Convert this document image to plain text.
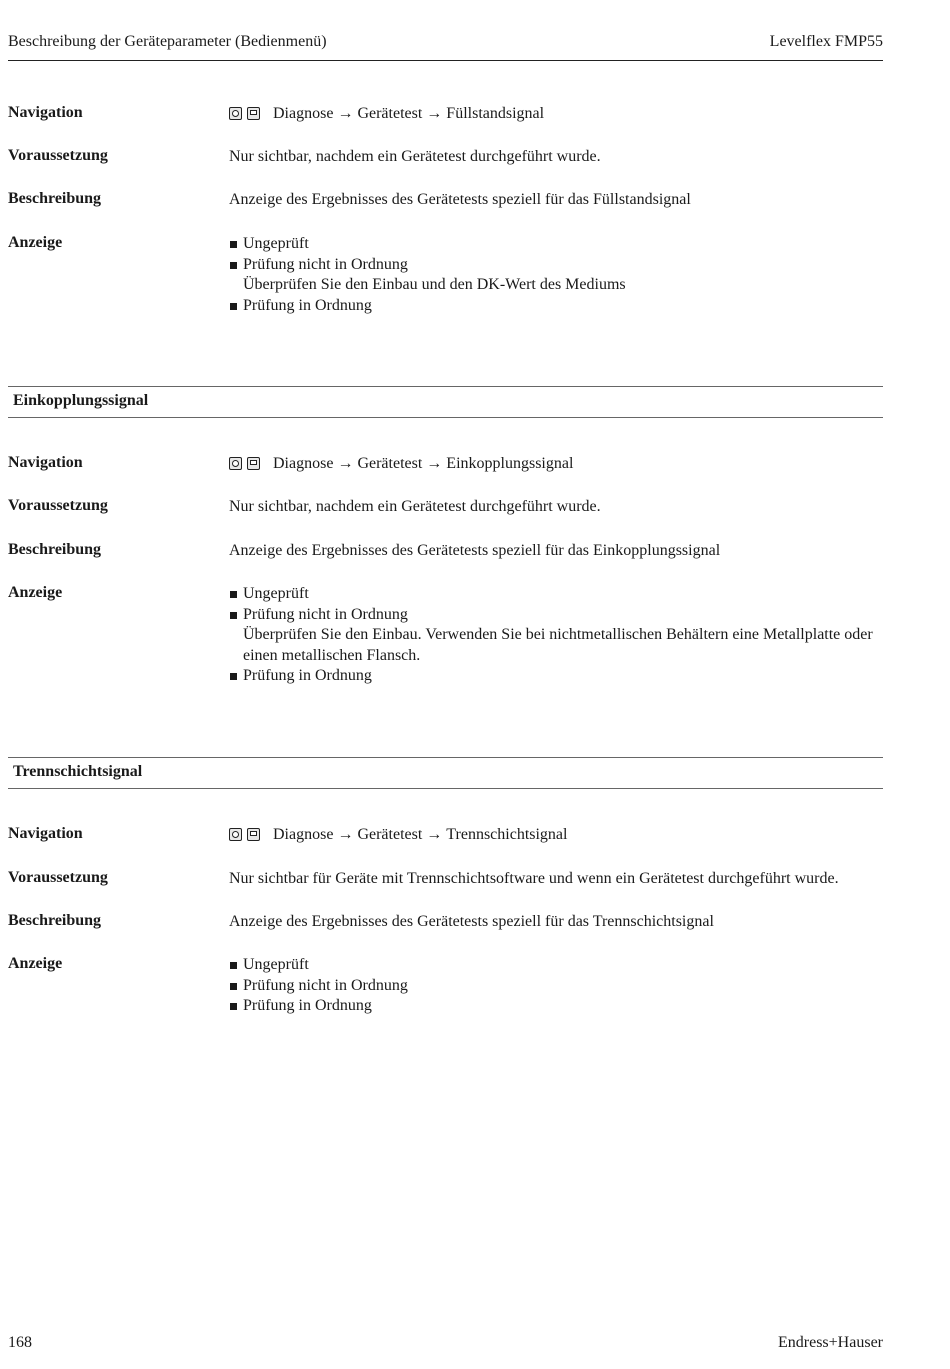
Beschreibung der Geräteparameter (Bedienmenü)	Levelflex FMP55
Navigation	Diagnose → Gerätetest → Füllstandsignal
Voraussetzung	Nur sichtbar, nachdem ein Gerätetest durchgeführt wurde.
Beschreibung	Anzeige des Ergebnisses des Gerätetests speziell für das Füllstandsignal
Anzeige	Ungeprüft
Prüfung nicht in Ordnung
Überprüfen Sie den Einbau und den DK-Wert des Mediums
Prüfung in Ordnung
Einkopplungssignal
Navigation	Diagnose → Gerätetest → Einkopplungssignal
Voraussetzung	Nur sichtbar, nachdem ein Gerätetest durchgeführt wurde.
Beschreibung	Anzeige des Ergebnisses des Gerätetests speziell für das Einkopplungssignal
Anzeige	Ungeprüft
Prüfung nicht in Ordnung
Überprüfen Sie den Einbau. Verwenden Sie bei nichtmetallischen Behältern eine Metallplatte oder einen metallischen Flansch.
Prüfung in Ordnung
Trennschichtsignal
Navigation	Diagnose → Gerätetest → Trennschichtsignal
Voraussetzung	Nur sichtbar für Geräte mit Trennschichtsoftware und wenn ein Gerätetest durchgeführt wurde.
Beschreibung	Anzeige des Ergebnisses des Gerätetests speziell für das Trennschichtsignal
Anzeige	Ungeprüft
Prüfung nicht in Ordnung
Prüfung in Ordnung
168	Endress+Hauser
